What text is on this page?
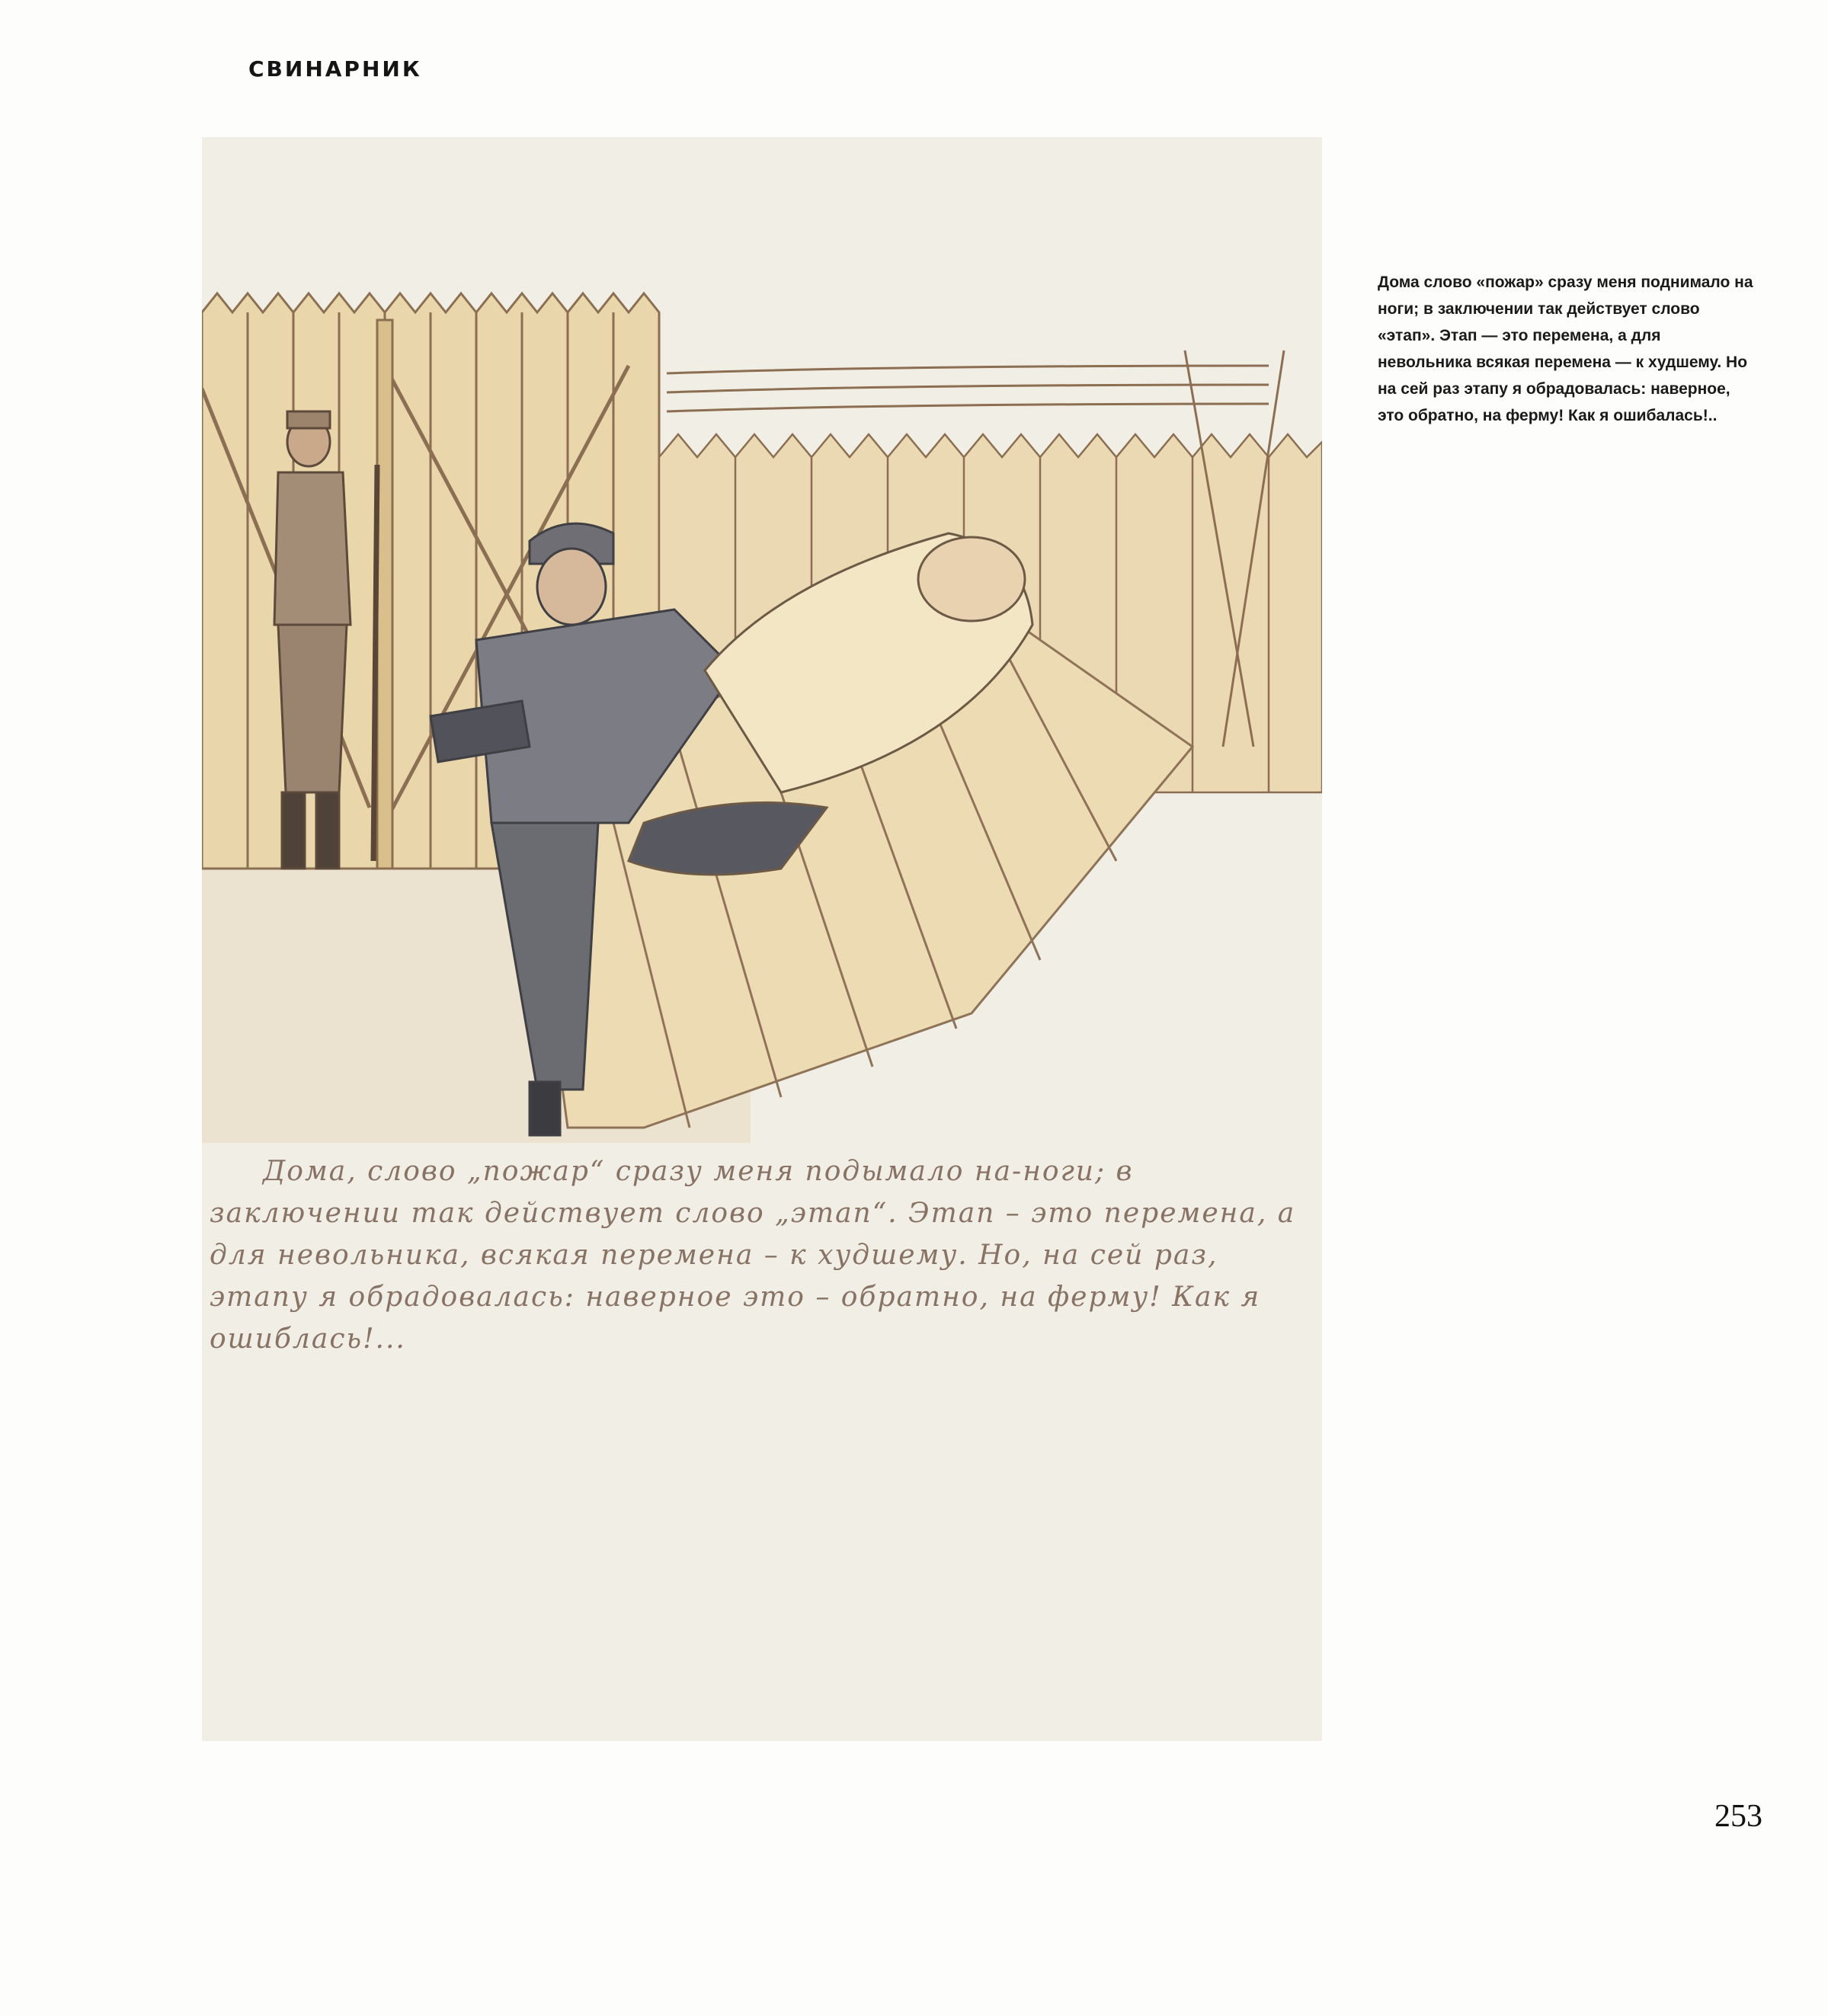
СВИНАРНИК
Дома, слово „пожар“ сразу меня подымало на-ноги; в заключении так действует слово „этап“. Этап – это перемена, а для невольника, всякая перемена – к худшему. Но, на сей раз, этапу я обрадовалась: наверное это – обратно, на ферму! Как я ошиблась!...
Дома слово «пожар» сразу меня поднимало на ноги; в заключении так действует слово «этап». Этап — это перемена, а для невольника всякая перемена — к худшему. Но на сей раз этапу я обрадовалась: наверное, это обратно, на ферму! Как я ошибалась!..
253
